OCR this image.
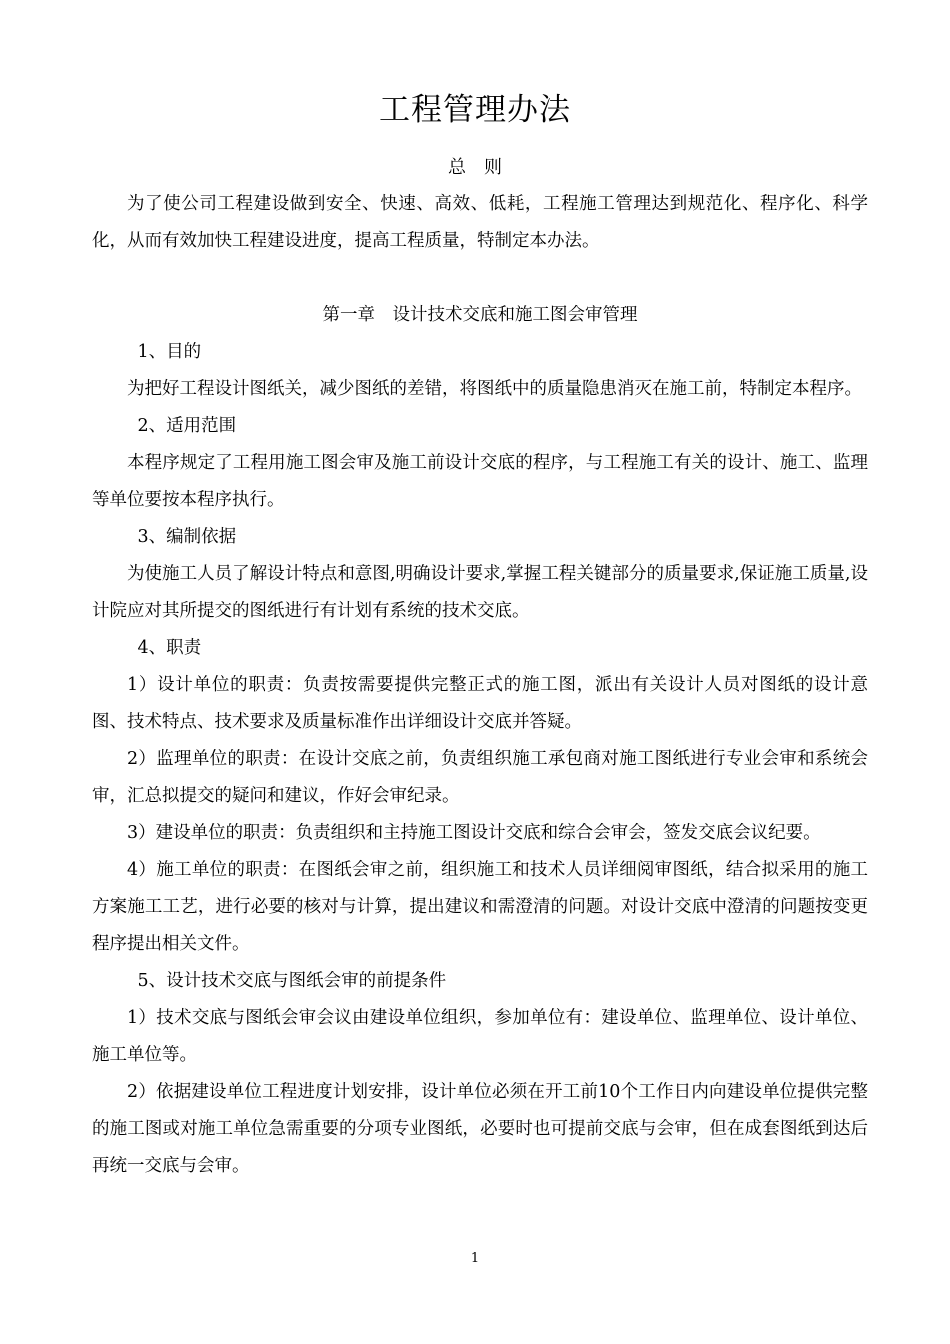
工程管理办法
总　则

为了使公司工程建设做到安全、快速、高效、低耗，工程施工管理达到规范化、程序化、科学化，从而有效加快工程建设进度，提高工程质量，特制定本办法。

第一章　设计技术交底和施工图会审管理

1、目的

为把好工程设计图纸关，减少图纸的差错，将图纸中的质量隐患消灭在施工前，特制定本程序。

2、适用范围

本程序规定了工程用施工图会审及施工前设计交底的程序，与工程施工有关的设计、施工、监理等单位要按本程序执行。

3、编制依据

为使施工人员了解设计特点和意图,明确设计要求,掌握工程关键部分的质量要求,保证施工质量,设计院应对其所提交的图纸进行有计划有系统的技术交底。

4、职责

1）设计单位的职责：负责按需要提供完整正式的施工图，派出有关设计人员对图纸的设计意图、技术特点、技术要求及质量标准作出详细设计交底并答疑。

2）监理单位的职责：在设计交底之前，负责组织施工承包商对施工图纸进行专业会审和系统会审，汇总拟提交的疑问和建议，作好会审纪录。

3）建设单位的职责：负责组织和主持施工图设计交底和综合会审会，签发交底会议纪要。

4）施工单位的职责：在图纸会审之前，组织施工和技术人员详细阅审图纸，结合拟采用的施工方案施工工艺，进行必要的核对与计算，提出建议和需澄清的问题。对设计交底中澄清的问题按变更程序提出相关文件。

5、设计技术交底与图纸会审的前提条件

1）技术交底与图纸会审会议由建设单位组织，参加单位有：建设单位、监理单位、设计单位、施工单位等。

2）依据建设单位工程进度计划安排，设计单位必须在开工前10个工作日内向建设单位提供完整的施工图或对施工单位急需重要的分项专业图纸，必要时也可提前交底与会审，但在成套图纸到达后再统一交底与会审。

1
